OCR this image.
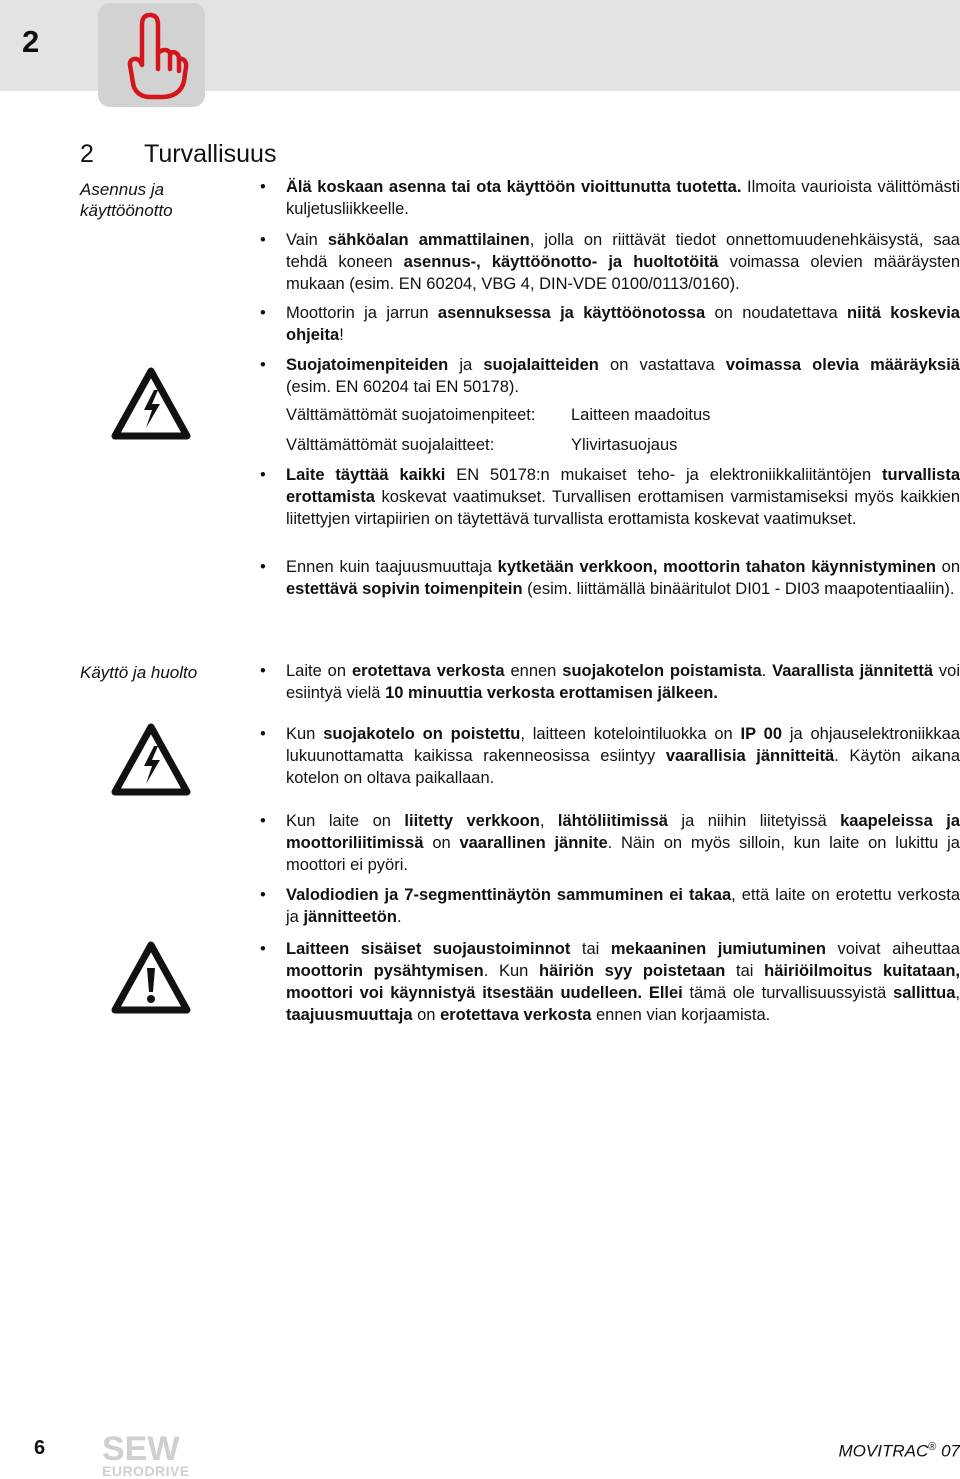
2
2 Turvallisuus
Asennus ja käyttöönotto
• Älä koskaan asenna tai ota käyttöön vioittunutta tuotetta. Ilmoita vaurioista välittömästi kuljetusliikkeelle.
• Vain sähköalan ammattilainen, jolla on riittävät tiedot onnettomuudenehkäisystä, saa tehdä koneen asennus-, käyttöönotto- ja huoltotöitä voimassa olevien määräysten mukaan (esim. EN 60204, VBG 4, DIN-VDE 0100/0113/0160).
• Moottorin ja jarrun asennuksessa ja käyttöönotossa on noudatettava niitä koskevia ohjeita!
• Suojatoimenpiteiden ja suojalaitteiden on vastattava voimassa olevia määräyksiä (esim. EN 60204 tai EN 50178).
Välttämättömät suojatoimenpiteet: Laitteen maadoitus
Välttämättömät suojalaitteet:	Ylivirtasuojaus
• Laite täyttää kaikki EN 50178:n mukaiset teho- ja elektroniikkaliitäntöjen turvallista erottamista koskevat vaatimukset. Turvallisen erottamisen varmistamiseksi myös kaikkien liitettyjen virtapiirien on täytettävä turvallista erottamista koskevat vaatimukset.
• Ennen kuin taajuusmuuttaja kytketään verkkoon, moottorin tahaton käynnistyminen on estettävä sopivin toimenpitein (esim. liittämällä binääritulot DI01 - DI03 maapotentiaaliin).
Käyttö ja huolto	• Laite on erotettava verkosta ennen suojakotelon poistamista. Vaarallista jännitettä voi esiintyä vielä 10 minuuttia verkosta erottamisen jälkeen.
• Kun suojakotelo on poistettu, laitteen kotelointiluokka on IP 00 ja ohjauselektroniikkaa lukuunottamatta kaikissa rakenneosissa esiintyy vaarallisia jännitteitä. Käytön aikana kotelon on oltava paikallaan.
• Kun laite on liitetty verkkoon, lähtöliitimissä ja niihin liitetyissä kaapeleissa ja moottoriliitimissä on vaarallinen jännite. Näin on myös silloin, kun laite on lukittu ja moottori ei pyöri.
• Valodiodien ja 7-segmenttinäytön sammuminen ei takaa, että laite on erotettu verkosta ja jännitteetön.
• Laitteen sisäiset suojaustoiminnot tai mekaaninen jumiutuminen voivat aiheuttaa moottorin pysähtymisen. Kun häiriön syy poistetaan tai häiriöilmoitus kuitataan, moottori voi käynnistyä itsestään uudelleen. Ellei tämä ole turvallisuussyistä sallittua, taajuusmuuttaja on erotettava verkosta ennen vian korjaamista.
6 SEW
EURODRIVE
MOVITRAC® 07
